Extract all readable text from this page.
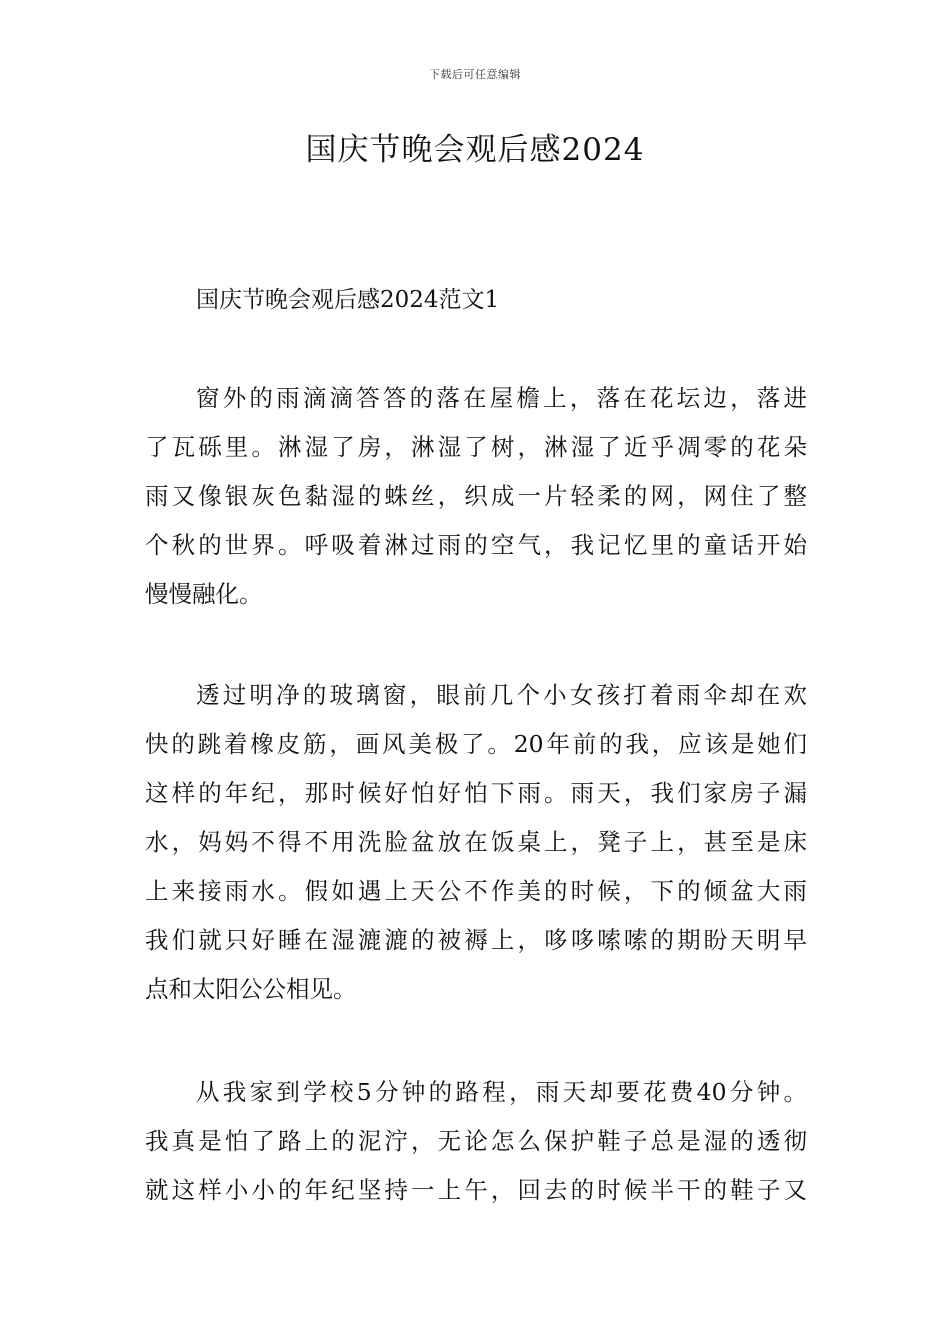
下载后可任意编辑
国庆节晚会观后感2024
国庆节晚会观后感2024范文1
窗外的雨滴滴答答的落在屋檐上，落在花坛边，落进
了瓦砾里。淋湿了房，淋湿了树，淋湿了近乎凋零的花朵
雨又像银灰色黏湿的蛛丝，织成一片轻柔的网，网住了整
个秋的世界。呼吸着淋过雨的空气，我记忆里的童话开始
慢慢融化。
透过明净的玻璃窗，眼前几个小女孩打着雨伞却在欢
快的跳着橡皮筋，画风美极了。20年前的我，应该是她们
这样的年纪，那时候好怕好怕下雨。雨天，我们家房子漏
水，妈妈不得不用洗脸盆放在饭桌上，凳子上，甚至是床
上来接雨水。假如遇上天公不作美的时候，下的倾盆大雨
我们就只好睡在湿漉漉的被褥上，哆哆嗦嗦的期盼天明早
点和太阳公公相见。
从我家到学校5分钟的路程，雨天却要花费40分钟。
我真是怕了路上的泥泞，无论怎么保护鞋子总是湿的透彻
就这样小小的年纪坚持一上午，回去的时候半干的鞋子又
